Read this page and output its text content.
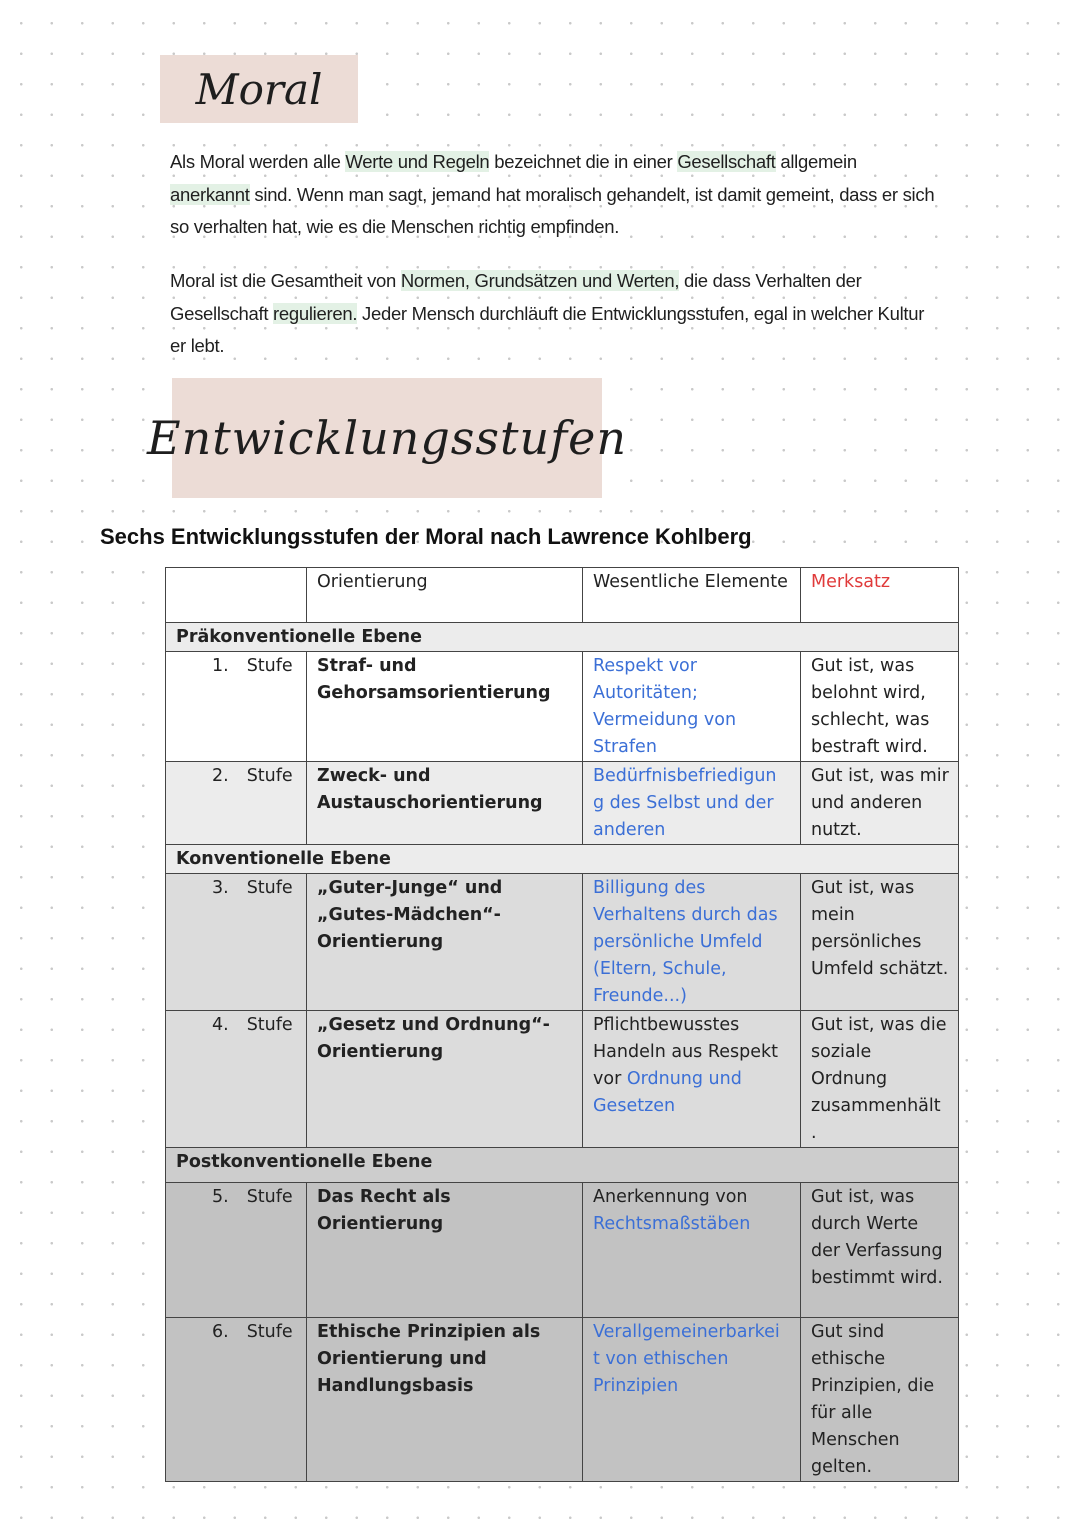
Moral
Als Moral werden alle Werte und Regeln bezeichnet die in einer Gesellschaft allgemein anerkannt sind. Wenn man sagt, jemand hat moralisch gehandelt, ist damit gemeint, dass er sich so verhalten hat, wie es die Menschen richtig empfinden.
Moral ist die Gesamtheit von Normen, Grundsätzen und Werten, die dass Verhalten der Gesellschaft regulieren. Jeder Mensch durchläuft die Entwicklungsstufen, egal in welcher Kultur er lebt.
Entwicklungsstufen
Sechs Entwicklungsstufen der Moral nach Lawrence Kohlberg
	Orientierung	Wesentliche Elemente	Merksatz
Präkonventionelle Ebene			
1. Stufe	Straf- und Gehorsamsorientierung	Respekt vor Autoritäten; Vermeidung von Strafen	Gut ist, was belohnt wird, schlecht, was bestraft wird.
2. Stufe	Zweck- und Austauschorientierung	Bedürfnisbefriedigun g des Selbst und der anderen	Gut ist, was mir und anderen nutzt.
Konventionelle Ebene			
3. Stufe	„Guter-Junge“ und „Gutes-Mädchen“-Orientierung	Billigung des Verhaltens durch das persönliche Umfeld (Eltern, Schule, Freunde...)	Gut ist, was mein persönliches Umfeld schätzt.
4. Stufe	„Gesetz und Ordnung“-Orientierung	Pflichtbewusstes Handeln aus Respekt vor Ordnung und Gesetzen	Gut ist, was die soziale Ordnung zusammenhält .
Postkonventionelle Ebene			
5. Stufe	Das Recht als Orientierung	Anerkennung von Rechtsmaßstäben	Gut ist, was durch Werte der Verfassung bestimmt wird.
6. Stufe	Ethische Prinzipien als Orientierung und Handlungsbasis	Verallgemeinerbarkei t von ethischen Prinzipien	Gut sind ethische Prinzipien, die für alle Menschen gelten.
